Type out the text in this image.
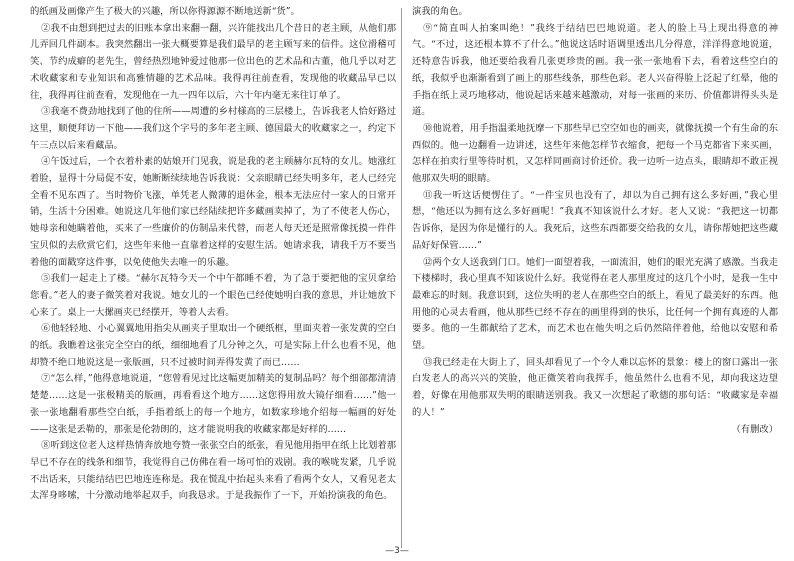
的纸画及画像产生了极大的兴趣，所以你得源源不断地送新“货”。

②我不由想到把过去的旧账本拿出来翻一翻，兴许能找出几个昔日的老主顾，从他们那儿弄回几件副本。我突然翻出一张大概要算是我们最早的老主顾写来的信件。这位滑稽可笑、节约成癖的老先生，曾经热烈地钟爱过他那一位出色的艺术品和古董，他几乎以对艺术收藏家和专业知识和高雅情趣的艺术品味。我得再往前查看，发现他的收藏品早已以往，我得再往前查看，发现他在一九一四年以后，六十年内毫无来往订单了。

③我毫不费劲地找到了他的住所——周遭的乡村様高的三层楼上，告诉我老人恰好路过这里，顺便拜访一下他——我们这个字号的多年老主顾、德国最大的收藏家之一，约定下午三点以后来看藏品。

④午饭过后，一个衣着朴素的姑娘开门见我，说是我的老主顾赫尔瓦特的女儿。她涨红着脸，显得十分局促不安，她断断续续地告诉我说：父亲眼睛已经失明多年，老人已经完全看不见东西了。当时物价飞涨，单凭老人微薄的退休金，根本无法应付一家人的日常开销，生活十分困难。她说这几年他们家已经陆续把许多藏画卖掉了，为了不使老人伤心，她母亲和她瞒着他，买来了一些廉价的仿制品来代替，而老人每天还是照常像抚摸一件件宝贝似的去欣赏它们，这些年来他一直靠着这样的安慰生活。她请求我，请我千万不要当着他的面戳穿这件事，以免使他失去唯一的乐趣。

⑤我们一起走上了楼。“赫尔瓦特今天一个中午都睡不着，为了急于要把他的宝贝拿给您看。”老人的妻子微笑着对我说。她女儿的一个眼色已经使她明白我的意思，并让她放下心来了。桌上一大摞画夹已经摆开，等着人去看。

⑥他轻轻地、小心翼翼地用指尖从画夹子里取出一个硬纸框，里面夹着一张发黄的空白的纸。我瞧着这张完全空白的纸，细细地看了几分钟之久，可是实际上什么也看不见，他却赞不绝口地说这是一张版画，只不过被时间弄得发黄了而已……

⑦“怎么样，”他得意地说道，“您曾看见过比这幅更加精美的复制品吗？每个细部都清清楚楚……这是一张极精美的版画，再看看这个地方……这您得用放大镜仔细看……”他一张一张地翻看那些空白纸，手指着纸上的每一个地方，如数家珍地介绍每一幅画的好处——这张是丢勒的，那张是伦勃朗的，这才能说明我的收藏家都是好样的……

⑧听到这位老人这样热情奔放地夸赞一张张空白的纸张，看见他用指甲在纸上比划着那早已不存在的线条和细节，我觉得自己仿佛在看一场可怕的戏剧。我的喉咙发紧，几乎说不出话来，只能结结巴巴地连连称是。我在慌乱中抬起头来看了看两个女人，又看见老太太浑身哆嗦，十分激动地举起双手，向我恳求。于是我振作了一下，开始扮演我的角色。

演我的角色。

⑨“简直叫人拍案叫绝！”我终于结结巴巴地说道。老人的脸上马上现出得意的神气。“不过，这还根本算不了什么。”他说这话时语调里透出几分得意，洋洋得意地说道，还特意告诉我，他还要给我看几张更珍贵的画。我一张一张地看下去，看着这些空白的纸，我似乎也渐渐看到了画上的那些线条，那些色彩。老人兴奋得脸上泛起了红晕，他的手指在纸上灵巧地移动，他说起话来越来越激动，对每一张画的来历、价值都讲得头头是道。

⑩他说着，用手指温柔地抚摩一下那些早已空空如也的画夹，就像抚摸一个有生命的东西似的。他一边翻看一边讲述，这些年来他怎样节衣缩食，把每一个马克都省下来买画，怎样在拍卖行里等待时机，又怎样同画商讨价还价。我一边听一边点头，眼睛却不敢正视他那双失明的眼睛。

⑪我一听这话便愣住了。“一件宝贝也没有了，却以为自己拥有这么多好画，”我心里想，“他还以为拥有这么多好画呢！”我真不知该说什么才好。老人又说：“我把这一切都告诉你，是因为你是懂行的人。我死后，这些东西都要交给我的女儿，请你帮她把这些藏品好好保管……”

⑫两个女人送我到门口。她们一面望着我，一面流泪，她们的眼光充满了感激。当我走下楼梯时，我心里真不知该说什么好。我觉得在老人那里度过的这几个小时，是我一生中最难忘的时刻。我意识到，这位失明的老人在那些空白的纸上，看见了最美好的东西。他用他的心灵去看画，他从那些已经不存在的画里得到的快乐，比任何一个拥有真迹的人都要多。他的一生都献给了艺术，而艺术也在他失明之后仍然陪伴着他，给他以安慰和希望。

⑬我已经走在大街上了，回头却看见了一个令人难以忘怀的景象：楼上的窗口露出一张白发老人的高兴兴的笑脸，他正微笑着向我挥手，他虽然什么也看不见，却向我这边望着，好像在用他那双失明的眼睛送别我。我又一次想起了歌德的那句话：“收藏家是幸福的人！”

（有删改）

—3—
